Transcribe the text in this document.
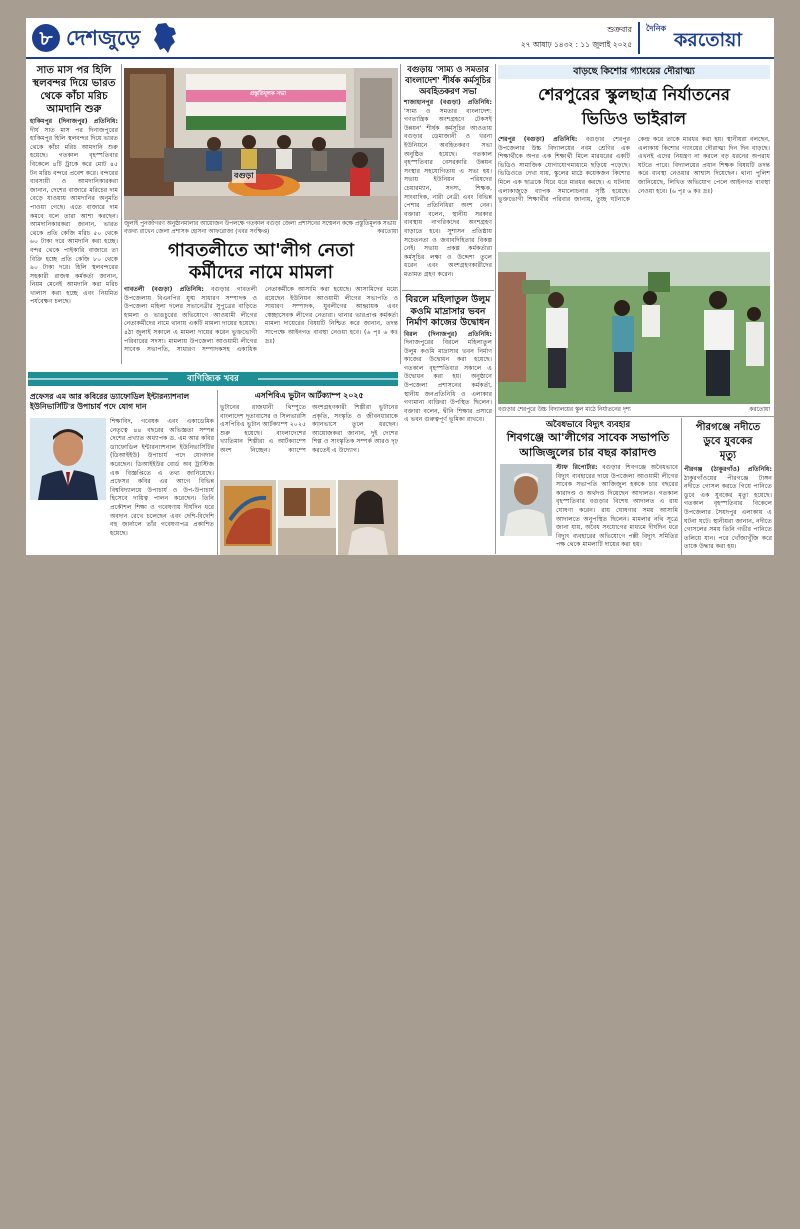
৮ দেশজুড়ে	শুক্রবার
২৭ আষাঢ় ১৪৩২ : ১১ জুলাই ২০২৫
দৈনিক
করতোয়া
সাত মাস পর হিলি স্থলবন্দর দিয়ে ভারত থেকে কাঁচা মরিচ আমদানি শুরু
হাকিমপুর (দিনাজপুর) প্রতিনিধি: দীর্ঘ সাত মাস পর দিনাজপুরের হাকিমপুর হিলি স্থলবন্দর দিয়ে ভারত থেকে কাঁচা মরিচ আমদানি শুরু হয়েছে। গতকাল বৃহস্পতিবার বিকেলে ৪টি ট্রাকে করে মোট ৪৫ টন মরিচ বন্দরে প্রবেশ করে। বন্দরের ব্যবসায়ী ও আমদানিকারকরা জানান, দেশের বাজারে মরিচের দাম বেড়ে যাওয়ায় আমদানির অনুমতি পাওয়া গেছে। এতে বাজারে দাম কমবে বলে তারা আশা করছেন। আমদানিকারকরা জানান, ভারত থেকে প্রতি কেজি মরিচ ৫০ থেকে ৬০ টাকা দরে আমদানি করা হচ্ছে। বন্দর থেকে পাইকারি বাজারে তা বিক্রি হচ্ছে প্রতি কেজি ৮০ থেকে ৯০ টাকা দরে। হিলি স্থলবন্দরের সহকারী রাজস্ব কর্মকর্তা জানান, নিয়ম মেনেই আমদানি করা মরিচ খালাস করা হচ্ছে এবং নিয়মিত পর্যবেক্ষণ চলছে।
প্রস্তুতিমূলক সভা
বগুড়া
জুলাই পুনর্জাগরণ অনুষ্ঠানমালার আয়োজন উপলক্ষে গতকাল বগুড়া জেলা প্রশাসনের সম্মেলন কক্ষে প্রস্তুতিমূলক সভায় বক্তব্য রাখেন জেলা প্রশাসক হোসনা আফরোজা (খবর সংক্ষিপ্ত)	করতোয়া
গাবতলীতে আ'লীগ নেতা
কর্মীদের নামে মামলা
গাবতলী (বগুড়া) প্রতিনিধি: বগুড়ার গাবতলী উপজেলায় বিএনপির যুগ্ম সাধারণ সম্পাদক ও উপজেলা মহিলা দলের সভানেত্রীর সুপুত্রের বাড়িতে হামলা ও ভাঙচুরের অভিযোগে আওয়ামী লীগের নেতাকর্মীদের নামে থানায় একটি মামলা দায়ের হয়েছে। ৪ঠা জুলাই সকালে এ মামলা দায়ের করেন ভুক্তভোগী পরিবারের সদস্য। মামলায় উপজেলা আওয়ামী লীগের সাবেক সভাপতি, সাধারণ সম্পাদকসহ একাধিক নেতাকর্মীকে আসামি করা হয়েছে। আসামিদের মধ্যে রয়েছেন ইউনিয়ন আওয়ামী লীগের সভাপতি ও সাধারণ সম্পাদক, যুবলীগের আহ্বায়ক এবং স্বেচ্ছাসেবক লীগের নেতারা। থানার ভারপ্রাপ্ত কর্মকর্তা মামলা দায়েরের বিষয়টি নিশ্চিত করে জানান, তদন্ত সাপেক্ষে আইনগত ব্যবস্থা নেওয়া হবে। (৬ পৃঃ ৬ কঃ দ্রঃ)
বগুড়ায় 'সাম্য ও সমতার বাংলাদেশ' শীর্ষক কর্মসূচির অবহিতকরণ সভা
শাজাহানপুর (বগুড়া) প্রতিনিধি: 'সাম্য ও সমতার বাংলাদেশ: গণতান্ত্রিক অংশগ্রহণে টেকসই উন্নয়ন' শীর্ষক কর্মসূচির আওতায় বগুড়ার ডেমাজানী ও খরনা ইউনিয়নে অবহিতকরণ সভা অনুষ্ঠিত হয়েছে। গতকাল বৃহস্পতিবার বেসরকারি উন্নয়ন সংস্থার সহযোগিতায় এ সভা হয়। সভায় ইউনিয়ন পরিষদের চেয়ারম্যান, সদস্য, শিক্ষক, সাংবাদিক, নারী নেত্রী এবং বিভিন্ন পেশার প্রতিনিধিরা অংশ নেন। বক্তারা বলেন, স্থানীয় সরকার ব্যবস্থায় নাগরিকদের অংশগ্রহণ বাড়াতে হবে। সুশাসন প্রতিষ্ঠায় সচেতনতা ও জবাবদিহিতার বিকল্প নেই। সভায় প্রকল্প কর্মকর্তারা কর্মসূচির লক্ষ্য ও উদ্দেশ্য তুলে ধরেন এবং অংশগ্রহণকারীদের মতামত গ্রহণ করেন।
বিরলে মহিলাতুল উলুম
কওমি মাদ্রাসার ভবন
নির্মাণ কাজের উদ্বোধন
বিরল (দিনাজপুর) প্রতিনিধি: দিনাজপুরের বিরলে মহিলাতুল উলুম কওমি মাদ্রাসার ভবন নির্মাণ কাজের উদ্বোধন করা হয়েছে। গতকাল বৃহস্পতিবার সকালে এ উদ্বোধন করা হয়। অনুষ্ঠানে উপজেলা প্রশাসনের কর্মকর্তা, স্থানীয় জনপ্রতিনিধি ও এলাকার গণ্যমান্য ব্যক্তিরা উপস্থিত ছিলেন। বক্তারা বলেন, দ্বীনি শিক্ষার প্রসারে এ ভবন গুরুত্বপূর্ণ ভূমিকা রাখবে।
বাণিজ্যিক খবর
প্রফেসর এম আর কবিরের ড্যাফোডিল ইন্টারন্যাশনাল ইউনিভার্সিটি'র উপাচার্য পদে যোগ দান
শিক্ষাবিদ, গবেষক এবং একাডেমিক নেতৃত্বে ৪৪ বছরের অভিজ্ঞতা সম্পন্ন দেশের প্রখ্যাত অধ্যাপক ড. এম আর কবির ড্যাফোডিল ইন্টারন্যাশনাল ইউনিভার্সিটির (ডিআইইউ) উপাচার্য পদে যোগদান করেছেন। ডিআইইউর বোর্ড অব ট্রাস্টিজ এক বিজ্ঞপ্তিতে এ তথ্য জানিয়েছে। প্রফেসর কবির এর আগে বিভিন্ন বিশ্ববিদ্যালয়ে উপাচার্য ও উপ-উপাচার্য হিসেবে দায়িত্ব পালন করেছেন। তিনি প্রকৌশল শিক্ষা ও গবেষণায় দীর্ঘদিন ধরে অবদান রেখে চলেছেন এবং দেশি-বিদেশি বহু জার্নালে তাঁর গবেষণাপত্র প্রকাশিত হয়েছে।
এসপিবিএ ভুটান আর্টক্যাম্প ২০২৫
ভুটানের রাজধানী থিম্পুতে বাংলাদেশ দূতাবাসের ও সিলভারসি এসপিবিএ ভুটান আর্টক্যাম্প ২০২৫ শুরু হয়েছে। বাংলাদেশের খ্যাতিমান শিল্পীরা এ আর্টক্যাম্পে অংশ নিচ্ছেন। ক্যাম্পে অংশগ্রহণকারী শিল্পীরা ভুটানের প্রকৃতি, সংস্কৃতি ও জীবনধারাকে ক্যানভাসে তুলে ধরছেন। আয়োজকরা জানান, দুই দেশের শিল্প ও সাংস্কৃতিক সম্পর্ক আরও দৃঢ় করতেই এ উদ্যোগ।
বাড়ছে কিশোর গ্যাংয়ের দৌরাত্ম্য
শেরপুরের স্কুলছাত্র নির্যাতনের
ভিডিও ভাইরাল
শেরপুর (বগুড়া) প্রতিনিধি: বগুড়ার শেরপুর উপজেলার উচ্চ বিদ্যালয়ের নবম শ্রেণির এক শিক্ষার্থীকে অপর এক শিক্ষার্থী মিলে মারধরের একটি ভিডিও সামাজিক যোগাযোগমাধ্যমে ছড়িয়ে পড়েছে। ভিডিওতে দেখা যায়, স্কুলের মাঠে কয়েকজন কিশোর মিলে এক ছাত্রকে ঘিরে ধরে মারধর করছে। এ ঘটনায় এলাকাজুড়ে ব্যাপক সমালোচনার সৃষ্টি হয়েছে। ভুক্তভোগী শিক্ষার্থীর পরিবার জানায়, তুচ্ছ ঘটনাকে কেন্দ্র করে তাকে মারধর করা হয়। স্থানীয়রা বলছেন, এলাকায় কিশোর গ্যাংয়ের দৌরাত্ম্য দিন দিন বাড়ছে। এখনই এদের নিয়ন্ত্রণ না করলে বড় ধরনের অপরাধ ঘটতে পারে। বিদ্যালয়ের প্রধান শিক্ষক বিষয়টি তদন্ত করে ব্যবস্থা নেওয়ার আশ্বাস দিয়েছেন। থানা পুলিশ জানিয়েছে, লিখিত অভিযোগ পেলে আইনগত ব্যবস্থা নেওয়া হবে। (৬ পৃঃ ৬ কঃ দ্রঃ)
বগুড়ার শেরপুরে উচ্চ বিদ্যালয়ের স্কুল মাঠে নির্যাতনের দৃশ্য	করতোয়া
অবৈধভাবে বিদ্যুৎ ব্যবহার
শিবগঞ্জে আ'লীগের সাবেক সভাপতি
আজিজুলের চার বছর কারাদণ্ড
স্টাফ রিপোর্টার: বগুড়ার শিবগঞ্জে অবৈধভাবে বিদ্যুৎ ব্যবহারের দায়ে উপজেলা আওয়ামী লীগের সাবেক সভাপতি আজিজুল হককে চার বছরের কারাদণ্ড ও অর্থদণ্ড দিয়েছেন আদালত। গতকাল বৃহস্পতিবার বগুড়ার বিশেষ আদালত এ রায় ঘোষণা করেন। রায় ঘোষণার সময় আসামি আদালতে অনুপস্থিত ছিলেন। মামলার নথি সূত্রে জানা যায়, অবৈধ সংযোগের মাধ্যমে দীর্ঘদিন ধরে বিদ্যুৎ ব্যবহারের অভিযোগে পল্লী বিদ্যুৎ সমিতির পক্ষ থেকে মামলাটি দায়ের করা হয়।
পীরগঞ্জে নদীতে
ডুবে যুবকের
মৃত্যু
পীরগঞ্জ (ঠাকুরগাঁও) প্রতিনিধি: ঠাকুরগাঁওয়ের পীরগঞ্জে টাঙ্গন নদীতে গোসল করতে গিয়ে পানিতে ডুবে এক যুবকের মৃত্যু হয়েছে। গতকাল বৃহস্পতিবার বিকেলে উপজেলার সৈয়দপুর এলাকায় এ ঘটনা ঘটে। স্থানীয়রা জানান, নদীতে গোসলের সময় তিনি গভীর পানিতে তলিয়ে যান। পরে খোঁজাখুঁজি করে তাকে উদ্ধার করা হয়।
